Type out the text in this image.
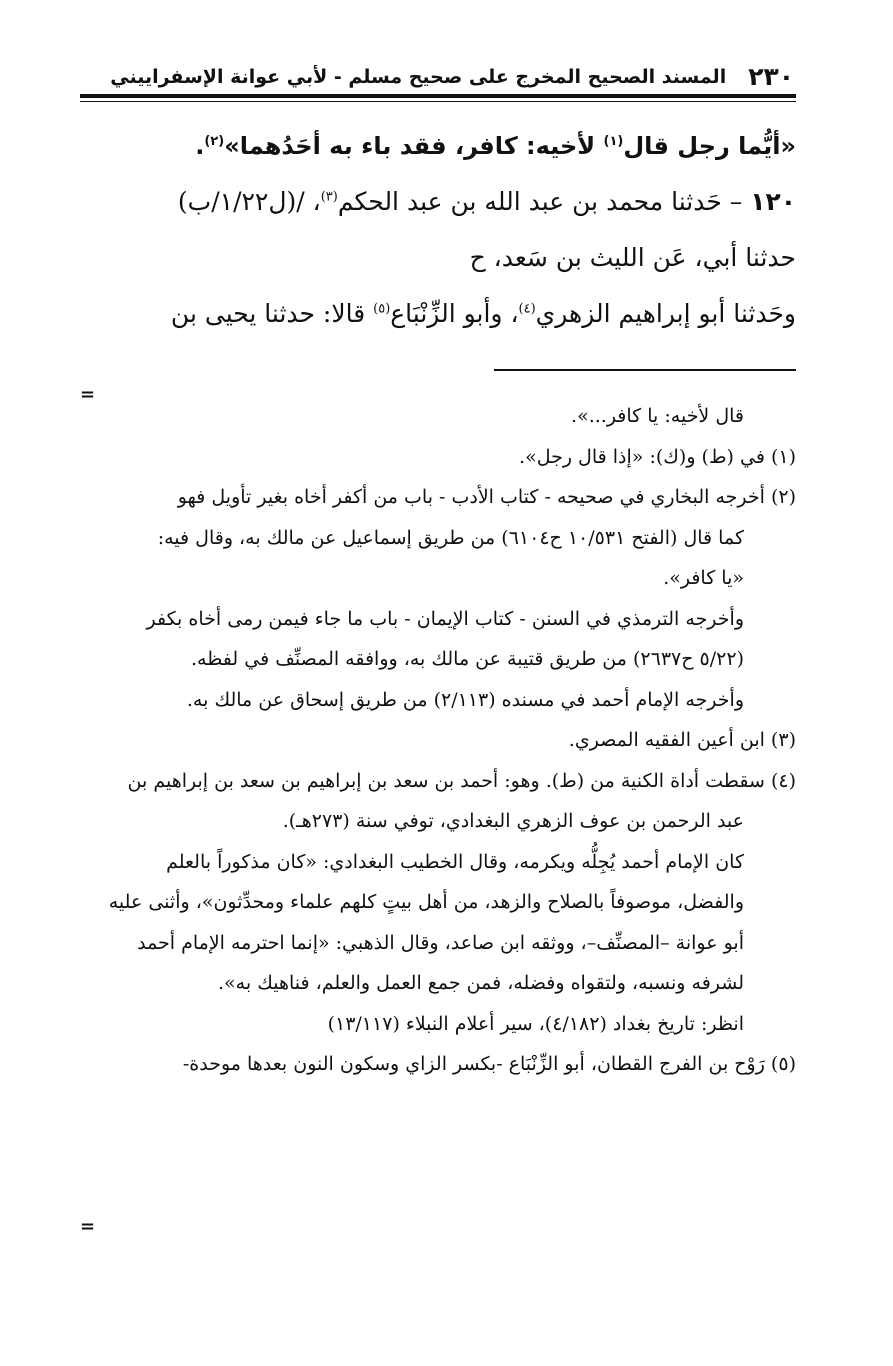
٢٣٠
المسند الصحيح المخرج على صحيح مسلم - لأبي عوانة الإسفراييني

«أيُّما رجل قال$^{(١)}$ لأخيه: كافر، فقد باء به أحَدُهما»$^{(٢)}$.

١٢٠ – حَدثنا محمد بن عبد الله بن عبد الحكم$^{(٣)}$، /(ل١/٢٢/ب)

حدثنا أبي، عَن الليث بن سَعد، ح

وحَدثنا أبو إبراهيم الزهري$^{(٤)}$، وأبو الزِّنْبَاع$^{(٥)}$ قالا: حدثنا يحيى بن

=

قال لأخيه: يا كافر...».

(١) في (ط) و(ك): «إذا قال رجل».

(٢) أخرجه البخاري في صحيحه - كتاب الأدب - باب من أكفر أخاه بغير تأويل فهو

كما قال (الفتح ١٠/٥٣١ ح٦١٠٤) من طريق إسماعيل عن مالك به، وقال فيه:

«يا كافر».

وأخرجه الترمذي في السنن - كتاب الإيمان - باب ما جاء فيمن رمى أخاه بكفر

(٥/٢٢ ح٢٦٣٧) من طريق قتيبة عن مالك به، ووافقه المصنِّف في لفظه.

وأخرجه الإمام أحمد في مسنده (٢/١١٣) من طريق إسحاق عن مالك به.

(٣) ابن أعين الفقيه المصري.

(٤) سقطت أداة الكنية من (ط). وهو: أحمد بن سعد بن إبراهيم بن سعد بن إبراهيم بن

عبد الرحمن بن عوف الزهري البغدادي، توفي سنة (٢٧٣هـ).

كان الإمام أحمد يُجِلُّه ويكرمه، وقال الخطيب البغدادي: «كان مذكوراً بالعلم

والفضل، موصوفاً بالصلاح والزهد، من أهل بيتٍ كلهم علماء ومحدِّثون»، وأثنى عليه

أبو عوانة –المصنِّف–، ووثقه ابن صاعد، وقال الذهبي: «إنما احترمه الإمام أحمد

لشرفه ونسبه، ولتقواه وفضله، فمن جمع العمل والعلم، فناهيك به».

انظر: تاريخ بغداد (٤/١٨٢)، سير أعلام النبلاء (١٣/١١٧)

(٥) رَوْح بن الفرج القطان، أبو الزِّنْبَاع -بكسر الزاي وسكون النون بعدها موحدة-

=
